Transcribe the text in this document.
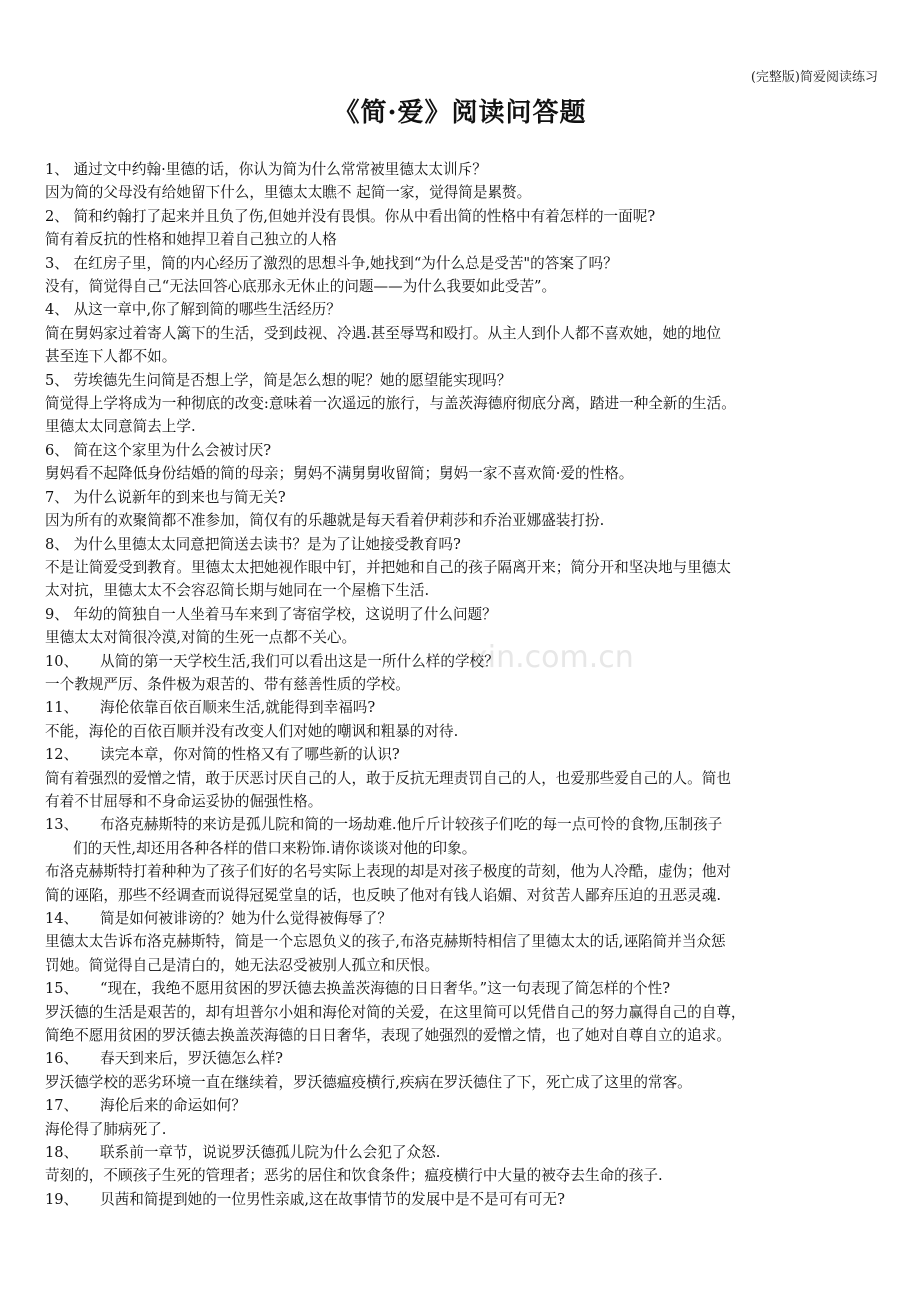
(完整版)简爱阅读练习
《简·爱》阅读问答题
xin.com.cn
1、 通过文中约翰·里德的话，你认为简为什么常常被里德太太训斥？
因为简的父母没有给她留下什么，里德太太瞧不 起简一家，觉得简是累赘。
2、 简和约翰打了起来并且负了伤,但她并没有畏惧。你从中看出简的性格中有着怎样的一面呢?
简有着反抗的性格和她捍卫着自己独立的人格
3、 在红房子里，简的内心经历了激烈的思想斗争,她找到“为什么总是受苦"的答案了吗？
没有，简觉得自己“无法回答心底那永无休止的问题——为什么我要如此受苦”。
4、 从这一章中,你了解到简的哪些生活经历？
简在舅妈家过着寄人篱下的生活，受到歧视、冷遇.甚至辱骂和殴打。从主人到仆人都不喜欢她，她的地位
甚至连下人都不如。
5、 劳埃德先生问简是否想上学，简是怎么想的呢？她的愿望能实现吗？
简觉得上学将成为一种彻底的改变:意味着一次遥远的旅行，与盖茨海德府彻底分离，踏进一种全新的生活。
里德太太同意简去上学.
6、 简在这个家里为什么会被讨厌?
舅妈看不起降低身份结婚的简的母亲；舅妈不满舅舅收留简；舅妈一家不喜欢简·爱的性格。
7、 为什么说新年的到来也与简无关?
因为所有的欢聚简都不准参加，简仅有的乐趣就是每天看着伊莉莎和乔治亚娜盛装打扮.
8、 为什么里德太太同意把简送去读书？是为了让她接受教育吗?
不是让简爱受到教育。里德太太把她视作眼中钉，并把她和自己的孩子隔离开来；简分开和坚决地与里德太
太对抗，里德太太不会容忍简长期与她同在一个屋檐下生活.
9、 年幼的简独自一人坐着马车来到了寄宿学校，这说明了什么问题？
里德太太对简很冷漠,对简的生死一点都不关心。
10、　　从简的第一天学校生活,我们可以看出这是一所什么样的学校？
一个教规严厉、条件极为艰苦的、带有慈善性质的学校。
11、　　海伦依靠百依百顺来生活,就能得到幸福吗?
不能，海伦的百依百顺并没有改变人们对她的嘲讽和粗暴的对待.
12、　　读完本章，你对简的性格又有了哪些新的认识?
简有着强烈的爱憎之情，敢于厌恶讨厌自己的人，敢于反抗无理责罚自己的人，也爱那些爱自己的人。简也
有着不甘屈辱和不身命运妥协的倔强性格。
13、　　布洛克赫斯特的来访是孤儿院和简的一场劫难.他斤斤计较孩子们吃的每一点可怜的食物,压制孩子
们的天性,却还用各种各样的借口来粉饰.请你谈谈对他的印象。
布洛克赫斯特打着种种为了孩子们好的名号实际上表现的却是对孩子极度的苛刻，他为人冷酷，虚伪；他对
简的诬陷，那些不经调查而说得冠冕堂皇的话，也反映了他对有钱人谄媚、对贫苦人鄙弃压迫的丑恶灵魂.
14、　　简是如何被诽谤的？她为什么觉得被侮辱了？
里德太太告诉布洛克赫斯特，简是一个忘恩负义的孩子,布洛克赫斯特相信了里德太太的话,诬陷简并当众惩
罚她。简觉得自己是清白的，她无法忍受被别人孤立和厌恨。
15、　　“现在，我绝不愿用贫困的罗沃德去换盖茨海德的日日奢华。”这一句表现了简怎样的个性?
罗沃德的生活是艰苦的，却有坦普尔小姐和海伦对简的关爱，在这里简可以凭借自己的努力赢得自己的自尊，
简绝不愿用贫困的罗沃德去换盖茨海德的日日奢华，表现了她强烈的爱憎之情，也了她对自尊自立的追求。
16、　　春天到来后，罗沃德怎么样?
罗沃德学校的恶劣环境一直在继续着，罗沃德瘟疫横行,疾病在罗沃德住了下，死亡成了这里的常客。
17、　　海伦后来的命运如何？
海伦得了肺病死了.
18、　　联系前一章节，说说罗沃德孤儿院为什么会犯了众怒.
苛刻的，不顾孩子生死的管理者；恶劣的居住和饮食条件；瘟疫横行中大量的被夺去生命的孩子.
19、　　贝茜和简提到她的一位男性亲戚,这在故事情节的发展中是不是可有可无?
